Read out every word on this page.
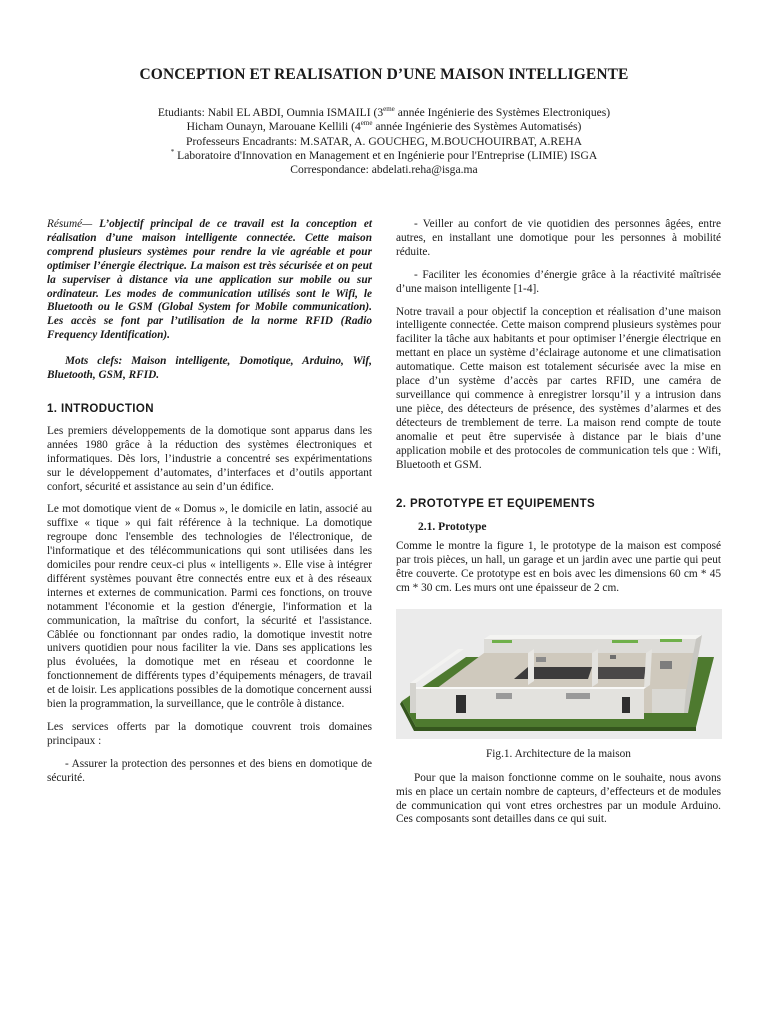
CONCEPTION ET REALISATION D’UNE MAISON INTELLIGENTE
Etudiants: Nabil EL ABDI, Oumnia ISMAILI (3eme année Ingénierie des Systèmes Electroniques)
Hicham Ounayn, Marouane Kellili (4eme année Ingénierie des Systèmes Automatisés)
Professeurs Encadrants: M.SATAR, A. GOUCHEG, M.BOUCHOUIRBAT, A.REHA
* Laboratoire d'Innovation en Management et en Ingénierie pour l'Entreprise (LIMIE) ISGA
Correspondance: abdelati.reha@isga.ma

Résumé— L’objectif principal de ce travail est la conception et réalisation d’une maison intelligente connectée. Cette maison comprend plusieurs systèmes pour rendre la vie agréable et pour optimiser l’énergie électrique. La maison est très sécurisée et on peut la superviser à distance via une application sur mobile ou sur ordinateur. Les modes de communication utilisés sont le Wifi, le Bluetooth ou le GSM (Global System for Mobile communication). Les accès se font par l’utilisation de la norme RFID (Radio Frequency Identification).

Mots clefs: Maison intelligente, Domotique, Arduino, Wif, Bluetooth, GSM, RFID.

1. INTRODUCTION

Les premiers développements de la domotique sont apparus dans les années 1980 grâce à la réduction des systèmes électroniques et informatiques. Dès lors, l’industrie a concentré ses expérimentations sur le développement d’automates, d’interfaces et d’outils apportant confort, sécurité et assistance au sein d’un édifice.

Le mot domotique vient de « Domus », le domicile en latin, associé au suffixe « tique » qui fait référence à la technique. La domotique regroupe donc l'ensemble des technologies de l'électronique, de l'informatique et des télécommunications qui sont utilisées dans les domiciles pour rendre ceux-ci plus « intelligents ». Elle vise à intégrer différent systèmes pouvant être connectés entre eux et à des réseaux internes et externes de communication. Parmi ces fonctions, on trouve notamment l'économie et la gestion d'énergie, l'information et la communication, la maîtrise du confort, la sécurité et l'assistance. Câblée ou fonctionnant par ondes radio, la domotique investit notre univers quotidien pour nous faciliter la vie. Dans ses applications les plus évoluées, la domotique met en réseau et coordonne le fonctionnement de différents types d’équipements ménagers, de travail et de loisir. Les applications possibles de la domotique concernent aussi bien la programmation, la surveillance, que le contrôle à distance.

Les services offerts par la domotique couvrent trois domaines principaux :

- Assurer la protection des personnes et des biens en domotique de sécurité.

- Veiller au confort de vie quotidien des personnes âgées, entre autres, en installant une domotique pour les personnes à mobilité réduite.

- Faciliter les économies d’énergie grâce à la réactivité maîtrisée d’une maison intelligente [1-4].

Notre travail a pour objectif la conception et réalisation d’une maison intelligente connectée. Cette maison comprend plusieurs systèmes pour faciliter la tâche aux habitants et pour optimiser l’énergie électrique en mettant en place un système d’éclairage autonome et une climatisation automatique. Cette maison est totalement sécurisée avec la mise en place d’un système d’accès par cartes RFID, une caméra de surveillance qui commence à enregistrer lorsqu’il y a intrusion dans une pièce, des détecteurs de présence, des systèmes d’alarmes et des détecteurs de tremblement de terre. La maison rend compte de toute anomalie et peut être supervisée à distance par le biais d’une application mobile et des protocoles de communication tels que : Wifi, Bluetooth et GSM.

2. PROTOTYPE ET EQUIPEMENTS
2.1. Prototype

Comme le montre la figure 1, le prototype de la maison est composé par trois pièces, un hall, un garage et un jardin avec une partie qui peut être couverte. Ce prototype est en bois avec les dimensions 60 cm * 45 cm * 30 cm. Les murs ont une épaisseur de 2 cm.

Fig.1. Architecture de la maison

Pour que la maison fonctionne comme on le souhaite, nous avons mis en place un certain nombre de capteurs, d’effecteurs et de modules de communication qui vont etres orchestres par un module Arduino. Ces composants sont detailles dans ce qui suit.
